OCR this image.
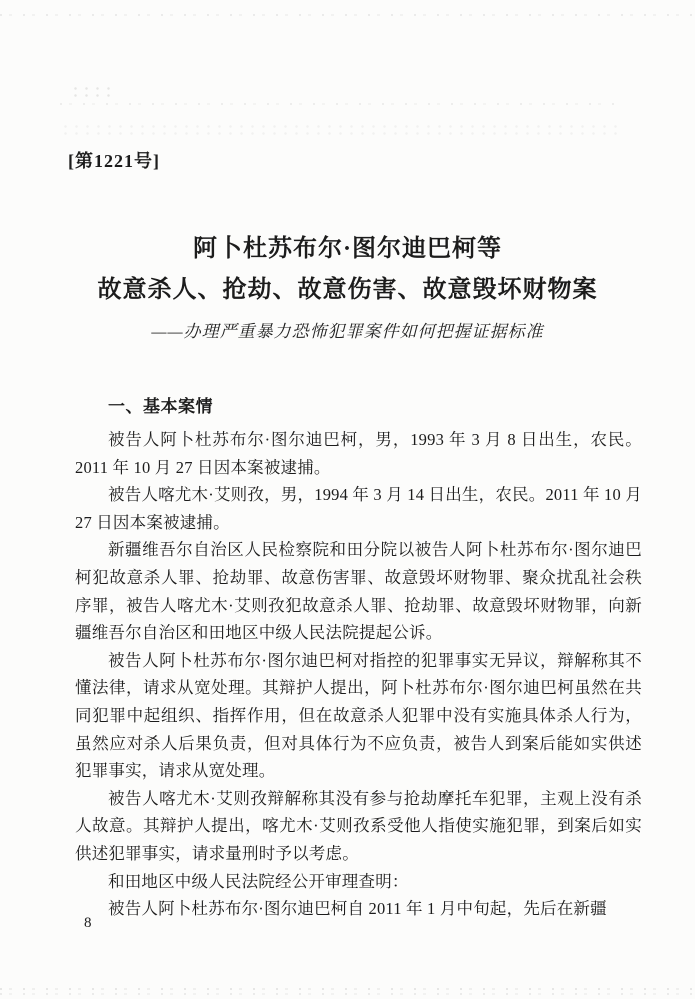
[第1221号]
阿卜杜苏布尔·图尔迪巴柯等
故意杀人、抢劫、故意伤害、故意毁坏财物案
——办理严重暴力恐怖犯罪案件如何把握证据标准
一、基本案情

被告人阿卜杜苏布尔·图尔迪巴柯，男，1993 年 3 月 8 日出生，农民。2011 年 10 月 27 日因本案被逮捕。

被告人喀尤木·艾则孜，男，1994 年 3 月 14 日出生，农民。2011 年 10 月 27 日因本案被逮捕。

新疆维吾尔自治区人民检察院和田分院以被告人阿卜杜苏布尔·图尔迪巴柯犯故意杀人罪、抢劫罪、故意伤害罪、故意毁坏财物罪、聚众扰乱社会秩序罪，被告人喀尤木·艾则孜犯故意杀人罪、抢劫罪、故意毁坏财物罪，向新疆维吾尔自治区和田地区中级人民法院提起公诉。

被告人阿卜杜苏布尔·图尔迪巴柯对指控的犯罪事实无异议，辩解称其不懂法律，请求从宽处理。其辩护人提出，阿卜杜苏布尔·图尔迪巴柯虽然在共同犯罪中起组织、指挥作用，但在故意杀人犯罪中没有实施具体杀人行为，虽然应对杀人后果负责，但对具体行为不应负责，被告人到案后能如实供述犯罪事实，请求从宽处理。

被告人喀尤木·艾则孜辩解称其没有参与抢劫摩托车犯罪，主观上没有杀人故意。其辩护人提出，喀尤木·艾则孜系受他人指使实施犯罪，到案后如实供述犯罪事实，请求量刑时予以考虑。

和田地区中级人民法院经公开审理查明：

被告人阿卜杜苏布尔·图尔迪巴柯自 2011 年 1 月中旬起，先后在新疆

8
